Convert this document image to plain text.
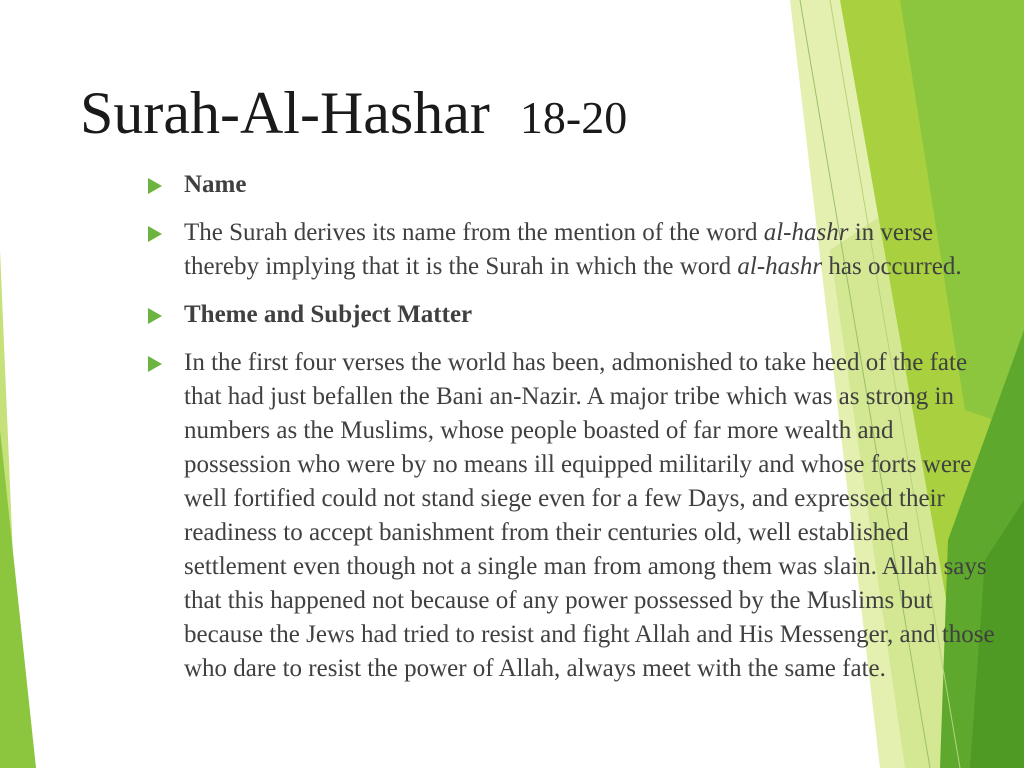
Surah-Al-Hashar 18-20
Name
The Surah derives its name from the mention of the word al-hashr in verse thereby implying that it is the Surah in which the word al-hashr has occurred.
Theme and Subject Matter
In the first four verses the world has been, admonished to take heed of the fate that had just befallen the Bani an-Nazir. A major tribe which was as strong in numbers as the Muslims, whose people boasted of far more wealth and possession who were by no means ill equipped militarily and whose forts were well fortified could not stand siege even for a few Days, and expressed their readiness to accept banishment from their centuries old, well established settlement even though not a single man from among them was slain. Allah says that this happened not because of any power possessed by the Muslims but because the Jews had tried to resist and fight Allah and His Messenger, and those who dare to resist the power of Allah, always meet with the same fate.
